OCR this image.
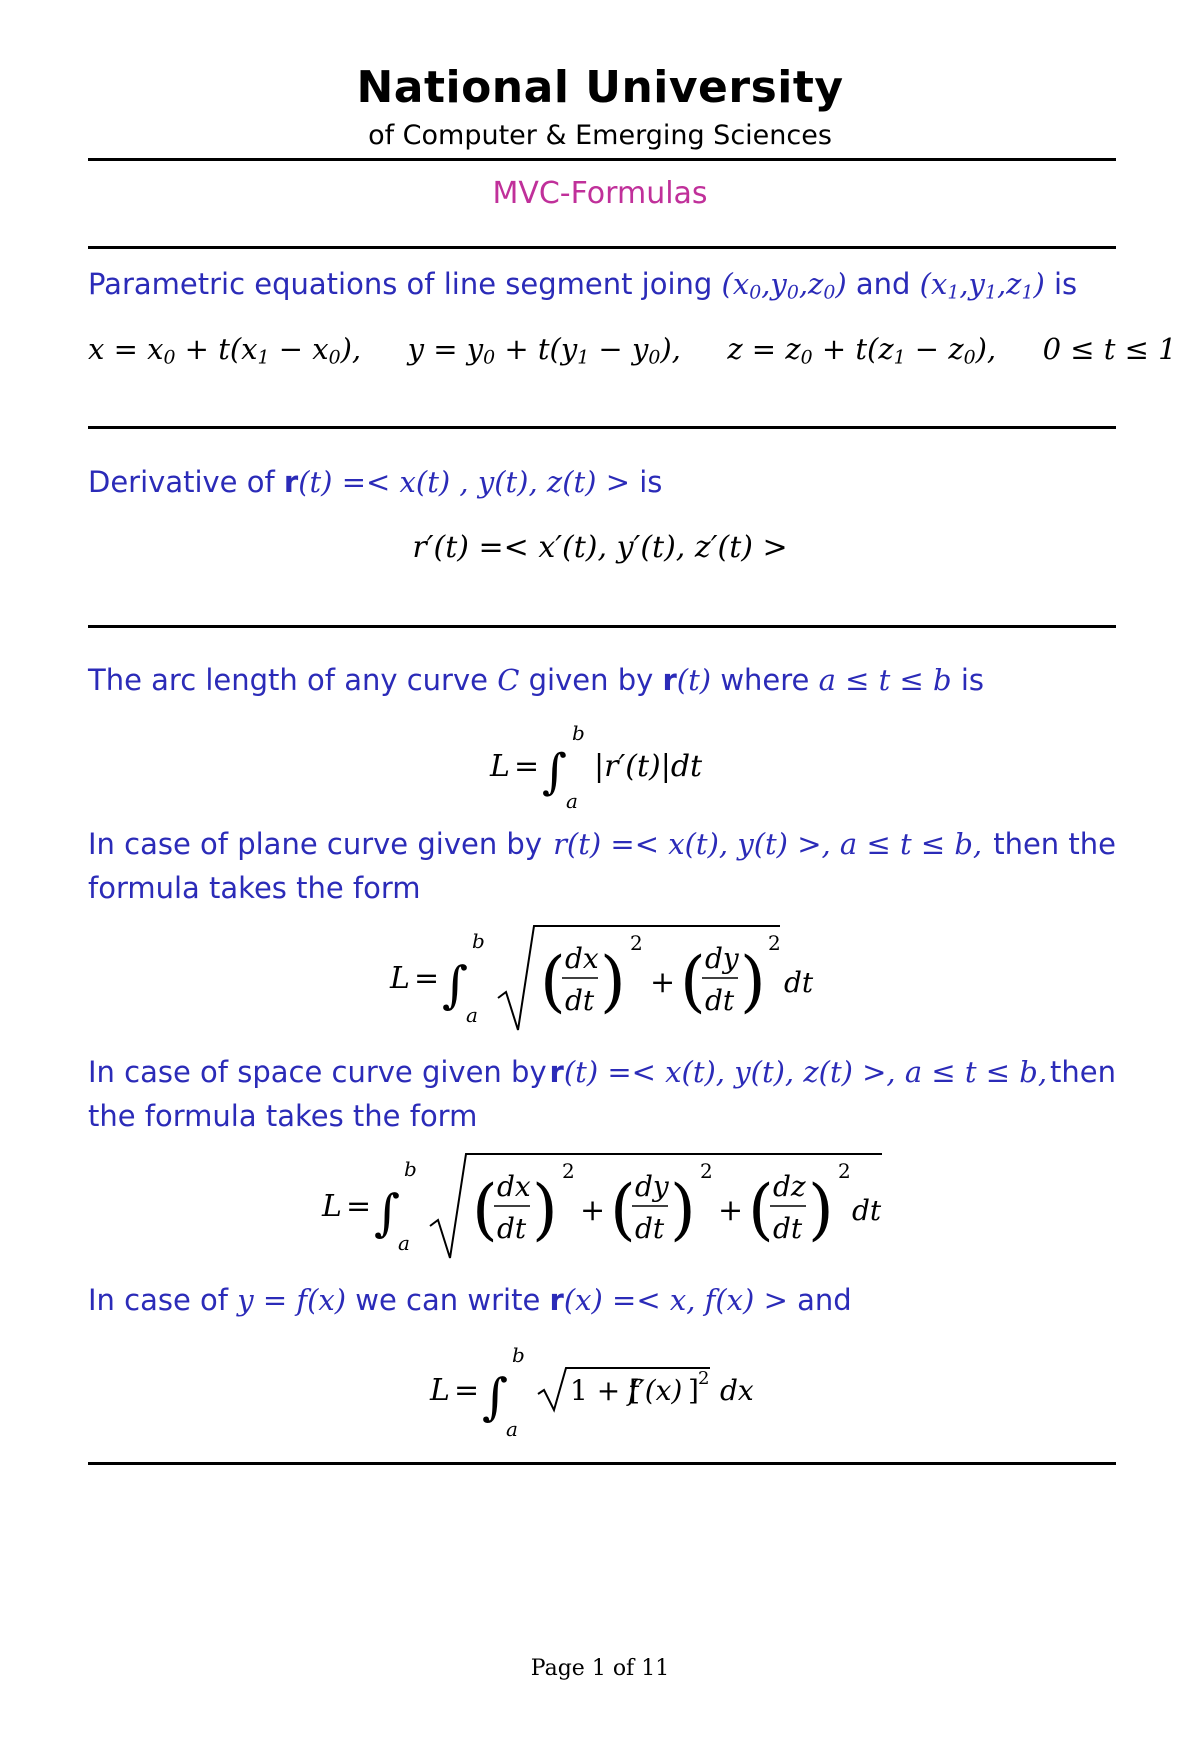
National University
of Computer & Emerging Sciences
MVC-Formulas
Parametric equations of line segment joing $(x_0,y_0,z_0)$ and $(x_1,y_1,z_1)$ is
$x = x_0 + t(x_1 - x_0)$, $y = y_0 + t(y_1 - y_0)$, $z = z_0 + t(z_1 - z_0)$, 0 ≤ t ≤ 1
Derivative of r(t) =< x(t) , y(t), z(t) > is
r′(t) =< x′(t), y′(t), z′(t) >
The arc length of any curve C given by r(t) where a ≤ t ≤ b is
L = ∫
b
a
|r′(t)|dt
In case of plane curve given by r(t) =< x(t), y(t) >, a ≤ t ≤ b, then the
formula takes the form
L = ∫
b
a ( dx
dt ) 2
+ ( dy
dt ) 2
dt
In case of space curve given by r(t) =< x(t), y(t), z(t) >, a ≤ t ≤ b, then
the formula takes the form
L = ∫
b
a ( dx
dt ) 2
+ ( dy
dt ) 2
+ ( dz
dt ) 2
dt
In case of y = f(x) we can write r(x) =< x, f(x) > and
L = ∫
b
a
1 + [
f′(x) ] 2 dx
Page 1 of 11
